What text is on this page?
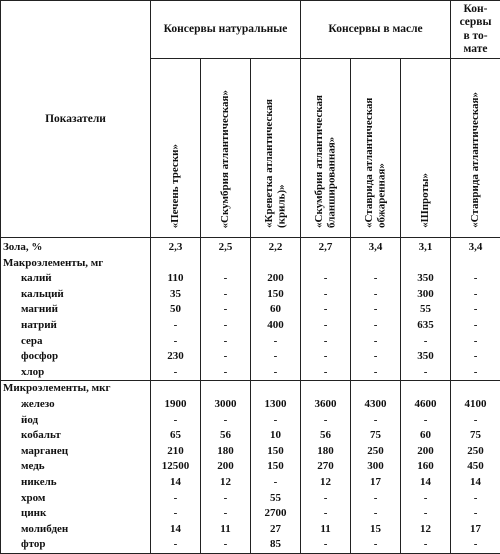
Показатели	Консервы натуральные			Консервы в масле			Кон-
сервы
в то-
мате
	«Печень трески»	«Скумбрия атлантическая»	«Креветка атлантическая (криль)»	«Скумбрия атлантическая бланшированная»	«Ставрида атлантическая обжаренная»	«Шпроты»	«Ставрида атлантическая»
Зола, %	2,3	2,5	2,2	2,7	3,4	3,1	3,4
Макроэлементы, мг							
калий	110	-	200	-	-	350	-
кальций	35	-	150	-	-	300	-
магний	50	-	60	-	-	55	-
натрий	-	-	400	-	-	635	-
сера	-	-	-	-	-	-	-
фосфор	230	-	-	-	-	350	-
хлор	-	-	-	-	-	-	-
Микроэлементы, мкг							
железо	1900	3000	1300	3600	4300	4600	4100
йод	-	-	-	-	-	-	-
кобальт	65	56	10	56	75	60	75
марганец	210	180	150	180	250	200	250
медь	12500	200	150	270	300	160	450
никель	14	12	-	12	17	14	14
хром	-	-	55	-	-	-	-
цинк	-	-	2700	-	-	-	-
молибден	14	11	27	11	15	12	17
фтор	-	-	85	-	-	-	-
